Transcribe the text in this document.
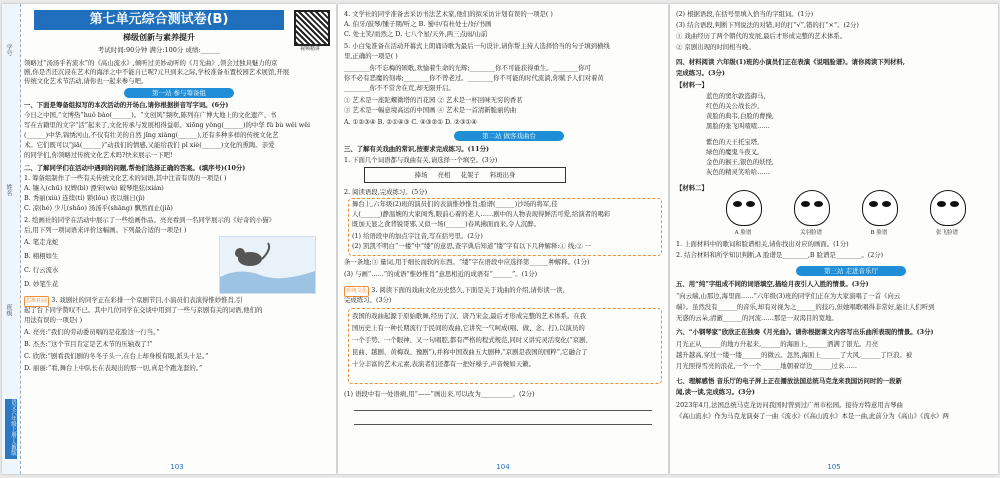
学号
姓名
班级
语文六年级上册·人教版
第七单元综合测试卷(B)
梯级创新与素养提升
考试时间:90分钟 满分:100分 成绩:______	视频精讲
领略过“汤汤乎若流水”的《高山流水》,倾听过美妙动听的《月光曲》,领会过独具魅力的京
剧,你是否还沉浸在艺术的海洋之中不能自已呢?元旦到来之际,学校准备布置校园艺术展馆,开展
传统文化艺术节活动,请你也一起来参与吧。
第一站 参与筹备组
一、下面是筹备组拟写的本次活动的开场白,请你根据拼音写字词。(6分)
今日之中国,“文博热”huǒ bào(______)。“文创风”频吹,陈列在广博大地上的文化遗产、书
写在古籍里的文字“活”起来了,文化传承与发展相得益彰。xiōng yǒng(______)的中华 fǔ bù wěi wěi
(______)中华,锦绣河山,不仅有壮美的自然 jǐng xiàng(______),还有多种多样的传统文化艺
术。它们既可以“jiā(______)”动我们的情感,又能给我们 pǐ xiè(______)文化的熏陶。亲爱
的同学们,你领略过传统文化艺术吗?快来展示一下吧!
二、了解同学们在活动中遇到的问题,帮他们选择正确的答案。(填序号)(10分)
1. 筹备组制作了一些有关传统文化艺术的词语,其中注音有误的一项是( )
A. 镶入(chū) 奴婢(bì) 漂宋(wù) 破琴绝弦(xián)
B. 秀丽(xiù) 连续(tí) 锁(lǒu) 夜以继日(jì)
C. 凉(hé) 少儿(shǎo) 汤汤乎(shāng) 飘然而止(jiǎ)
2. 绘画社的同学在活动中展示了一些绘画作品。亮亮看到一名同学展示的《好奇的小猫》
后,用下列一项词语来评价这幅画。下列最合适的一项是( )
A. 笔走龙蛇
B. 栩栩如生
C. 行云流水
D. 妙笔生花
思维拓展 3. 戏剧社的同学正在彩排一个京剧节目,小演员们表演得惟妙惟肖,引
起了台下同学赞叹不已。其中几位同学在交谈中用到了一些与京剧有关的词语,他们的
用法有误的一项是( )
A. 亮亮:“我们的劳动委员唱的是花脸这一行当。”
B. 杰杰:“这个节目肯定是艺术节的压轴戏了!”
C. 欣欣:“剧看我们剧的冬冬子头一,在台上却身板有眼,派头十足。”
D. 丽丽:“看,舞台上中队长在表现出的那一切,真是个跑龙套的。”
103
4. 文学社的同学准备去采访书法艺术家,他们的拟采访计划有误的一项是( )
A. 伯牙/鼓琴/锺子期/听之 B. 蜀中/有杜处士/好/书画
C. 处士笑/而然之 D. 七八个星/天外,两三点雨/山前
5. 小白兔准备在活动开幕式上朗诵诗歌为最后一句设计,请你帮主持人选择恰当的句子填到横线
里,正确的一项是( )
________你不忘梅的颂歌,欢愉着生命的光辉;________你不可能获得重生。________你可
你不必有恶魔的刻毒;________你不曾老过。________你不可能的时代流淌,你赋予人们对着黄
________你不不常舍在荒,却无限开启。
① 艺术是一座陀螺微塔的百花园 ② 艺术是一杯回味无穷的香茗
③ 艺术是一幅意境高远的中国画 ④ 艺术是一首清新脆丽的曲
A. ①②③④ B. ②①④③ C. ④③②① D. ②③①④
第二站 做客戏曲台
三、了解有关戏曲的常识,按要求完成练习。(11分)
1. 下面几个词语都与戏曲有关,请选择一个填空。(3分)
捧场 亮相 花架子 料斑出身
2. 阅读语段,完成练习。(5分)
舞台上,六年级(2)班的演员们的表演惟妙惟肖;脸谱(______)沙场的将军,佳
人(______)静温婉的大家闺秀,眼前心着的老人……剧中的人物表现得鲜活可爱,给演者的喝彩
既加天显之食背锐哥邪,又似一场(______)春风拂面而来,令人沉醉。
(1) 给语段中的加点字注音,写在括号里。(2分)
(2) 凯凯不明白“一楼”中“缕”的意思,查字典后知道“缕”字有以下几种解释:① 线;② 一
条一条地;③ 量词,用于细长而软的东西。“缕”字在语段中应选择第______种解释。(1分)
(3) 与画“……”的成语“惟妙惟肖”意思相近的成语有“______”。(1分)
传统文化 3. 阅读下面的戏曲文化历史悠久,下面是关于戏曲的介绍,请你读一读,
完成练习。(3分)
我国的戏曲起源于原始歌舞,经历了汉、唐乃宋金,最后才形成完整的艺术体系。在我
国历史上有一种长期流行于民间的戏曲,它讲究一气呵成(唱、做、念、打),以演员的
一个手势、一个眼神、又一句唱腔,都有严格的程式规范,同时又讲究灵活变化(“京剧、
昆曲、越剧、黄梅戏、豫剧”),并称中国戏曲五大剧种,“京剧是我国的国粹”,它融合了
十分丰富的艺术元素,表演者们还都有一把好嗓子,声音婉如天籁。
(1) 语段中有一处语病,用“——”画出来,可以改为__________。(2分)
104
(2) 根据语段,在括号里填入恰当的字组词。(1分)
(3) 结合语段,判断下列说法的对错,对的打“√”,错的打“×”。(2分)
① 戏曲经历了两个朝代的发展,最后才形成完整的艺术体系。
② 京剧出现的时间相当晚。
四、材料阅读 六年级(1)班的小演员们正在表演《说唱脸谱》。请你阅读下列材料,
完成练习。(3分)
【材料一】
蓝色的窦尔敦盗御马,
红色的关公战长沙,
黄脸的典韦,白脸的曹操,
黑脸的张飞叫喳喳……
紫色的天王托宝塔,
绿色的魔鬼斗夜叉,
金色的猴王,银色的妖怪,
灰色的精灵笑哈哈……
【材料二】
A 脸谱	关羽脸谱	B 脸谱	张飞脸谱
1. 上面材料中的歌词和脸谱相关,请你找出对应的画面。(1分)
2. 结合材料和所学知识判断,A 脸谱是________,B 脸谱是________。(2分)
第三站 走进音乐厅
五、用“纯”字组成不同的词语填空,描绘月夜引人入胜的情景。(3分)
“向云端,山那边,海里面……”六年级(3)班的同学们正在为大家演唱了一首《向云
端》。虽然没有______的音乐,却有对视为之______的技巧,但她唱歌唱得非常好,能让人们听到
无惑的云朵,清澈______的河流……那是一双渴目的宽地。
六、“小钢琴家”欣欣正在独奏《月光曲》。请你根据课文内容写出乐曲所表现的情景。(3分)
月光正从______的地方升起来,______的海面上,______洒满了银光。月亮
越升越高,穿过一缕一缕______的微云。忽然,海面上______了大风,______了巨浪。被
月光照得雪亮的浪花,一个一个______地朝着岸边______过来……
七、理解感悟 音乐厅的电子屏上正在播放法国总统马克龙来我国访问时的一段新
闻,读一读,完成练习。(3分)
2023年4月,法国总统马克龙访问我国时曾到过广州市松园。接待方特意用古琴曲
《高山流水》作为马克龙演奏了一曲《流水》(《高山流水》本是一曲,此前分为《高山》《流水》两
105
